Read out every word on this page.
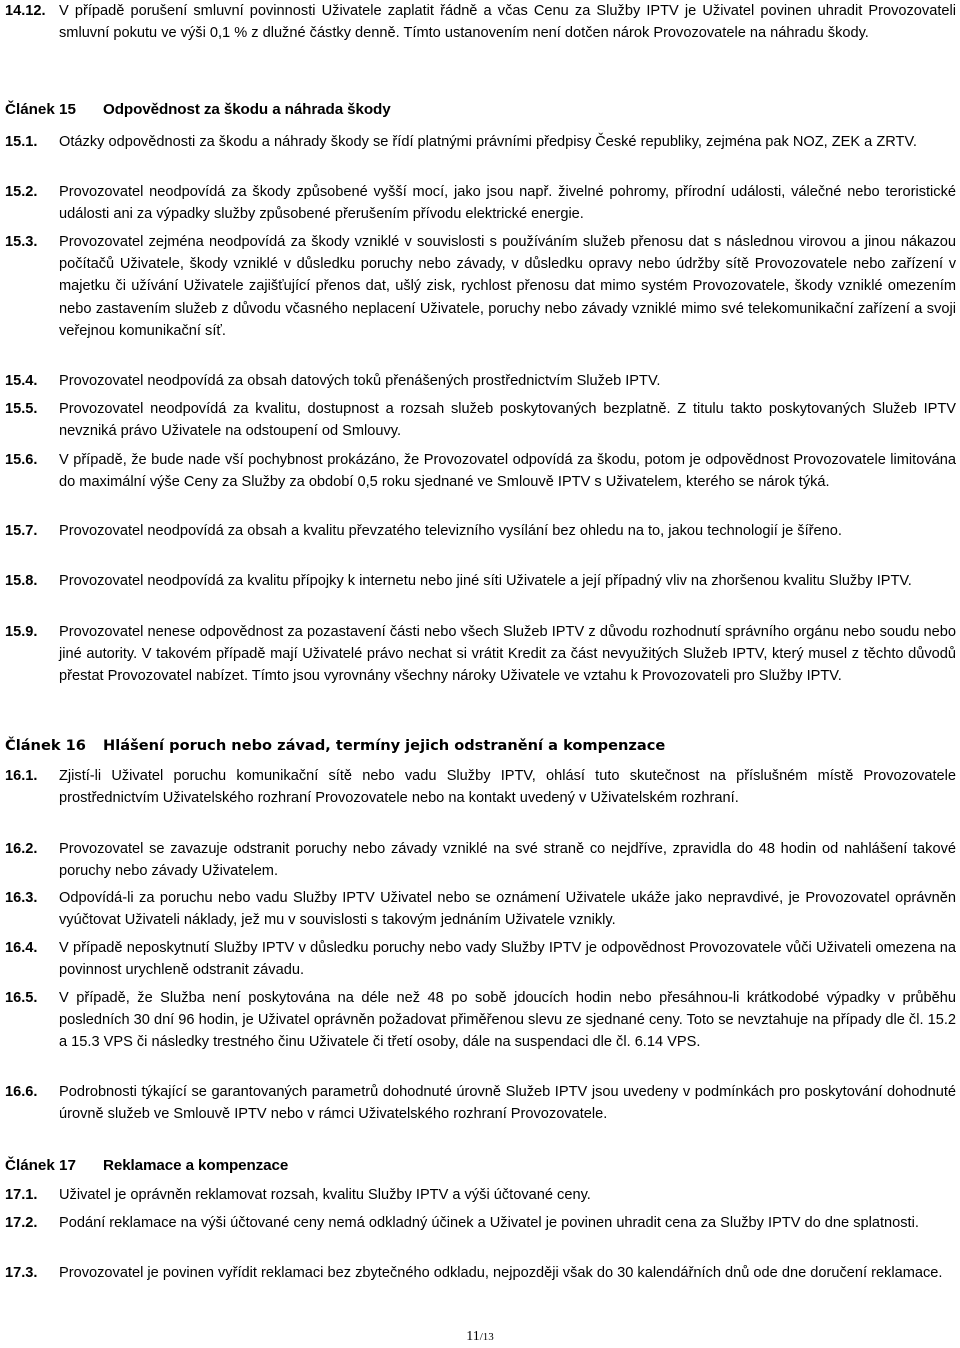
14.12. V případě porušení smluvní povinnosti Uživatele zaplatit řádně a včas Cenu za Služby IPTV je Uživatel povinen uhradit Provozovateli smluvní pokutu ve výši 0,1 % z dlužné částky denně. Tímto ustanovením není dotčen nárok Provozovatele na náhradu škody.
Článek 15 Odpovědnost za škodu a náhrada škody
15.1. Otázky odpovědnosti za škodu a náhrady škody se řídí platnými právními předpisy České republiky, zejména pak NOZ, ZEK a ZRTV.
15.2. Provozovatel neodpovídá za škody způsobené vyšší mocí, jako jsou např. živelné pohromy, přírodní události, válečné nebo teroristické události ani za výpadky služby způsobené přerušením přívodu elektrické energie.
15.3. Provozovatel zejména neodpovídá za škody vzniklé v souvislosti s používáním služeb přenosu dat s následnou virovou a jinou nákazou počítačů Uživatele, škody vzniklé v důsledku poruchy nebo závady, v důsledku opravy nebo údržby sítě Provozovatele nebo zařízení v majetku či užívání Uživatele zajišťující přenos dat, ušlý zisk, rychlost přenosu dat mimo systém Provozovatele, škody vzniklé omezením nebo zastavením služeb z důvodu včasného neplacení Uživatele, poruchy nebo závady vzniklé mimo své telekomunikační zařízení a svoji veřejnou komunikační síť.
15.4. Provozovatel neodpovídá za obsah datových toků přenášených prostřednictvím Služeb IPTV.
15.5. Provozovatel neodpovídá za kvalitu, dostupnost a rozsah služeb poskytovaných bezplatně. Z titulu takto poskytovaných Služeb IPTV nevzniká právo Uživatele na odstoupení od Smlouvy.
15.6. V případě, že bude nade vší pochybnost prokázáno, že Provozovatel odpovídá za škodu, potom je odpovědnost Provozovatele limitována do maximální výše Ceny za Služby za období 0,5 roku sjednané ve Smlouvě IPTV s Uživatelem, kterého se nárok týká.
15.7. Provozovatel neodpovídá za obsah a kvalitu převzatého televizního vysílání bez ohledu na to, jakou technologií je šířeno.
15.8. Provozovatel neodpovídá za kvalitu přípojky k internetu nebo jiné síti Uživatele a její případný vliv na zhoršenou kvalitu Služby IPTV.
15.9. Provozovatel nenese odpovědnost za pozastavení části nebo všech Služeb IPTV z důvodu rozhodnutí správního orgánu nebo soudu nebo jiné autority. V takovém případě mají Uživatelé právo nechat si vrátit Kredit za část nevyužitých Služeb IPTV, který musel z těchto důvodů přestat Provozovatel nabízet. Tímto jsou vyrovnány všechny nároky Uživatele ve vztahu k Provozovateli pro Služby IPTV.
Článek 16 Hlášení poruch nebo závad, termíny jejich odstranění a kompenzace
16.1. Zjistí-li Uživatel poruchu komunikační sítě nebo vadu Služby IPTV, ohlásí tuto skutečnost na příslušném místě Provozovatele prostřednictvím Uživatelského rozhraní Provozovatele nebo na kontakt uvedený v Uživatelském rozhraní.
16.2. Provozovatel se zavazuje odstranit poruchy nebo závady vzniklé na své straně co nejdříve, zpravidla do 48 hodin od nahlášení takové poruchy nebo závady Uživatelem.
16.3. Odpovídá-li za poruchu nebo vadu Služby IPTV Uživatel nebo se oznámení Uživatele ukáže jako nepravdivé, je Provozovatel oprávněn vyúčtovat Uživateli náklady, jež mu v souvislosti s takovým jednáním Uživatele vznikly.
16.4. V případě neposkytnutí Služby IPTV v důsledku poruchy nebo vady Služby IPTV je odpovědnost Provozovatele vůči Uživateli omezena na povinnost urychleně odstranit závadu.
16.5. V případě, že Služba není poskytována na déle než 48 po sobě jdoucích hodin nebo přesáhnou-li krátkodobé výpadky v průběhu posledních 30 dní 96 hodin, je Uživatel oprávněn požadovat přiměřenou slevu ze sjednané ceny. Toto se nevztahuje na případy dle čl. 15.2 a 15.3 VPS či následky trestného činu Uživatele či třetí osoby, dále na suspendaci dle čl. 6.14 VPS.
16.6. Podrobnosti týkající se garantovaných parametrů dohodnuté úrovně Služeb IPTV jsou uvedeny v podmínkách pro poskytování dohodnuté úrovně služeb ve Smlouvě IPTV nebo v rámci Uživatelského rozhraní Provozovatele.
Článek 17 Reklamace a kompenzace
17.1. Uživatel je oprávněn reklamovat rozsah, kvalitu Služby IPTV a výši účtované ceny.
17.2. Podání reklamace na výši účtované ceny nemá odkladný účinek a Uživatel je povinen uhradit cena za Služby IPTV do dne splatnosti.
17.3. Provozovatel je povinen vyřídit reklamaci bez zbytečného odkladu, nejpozději však do 30 kalendářních dnů ode dne doručení reklamace.
11/13
